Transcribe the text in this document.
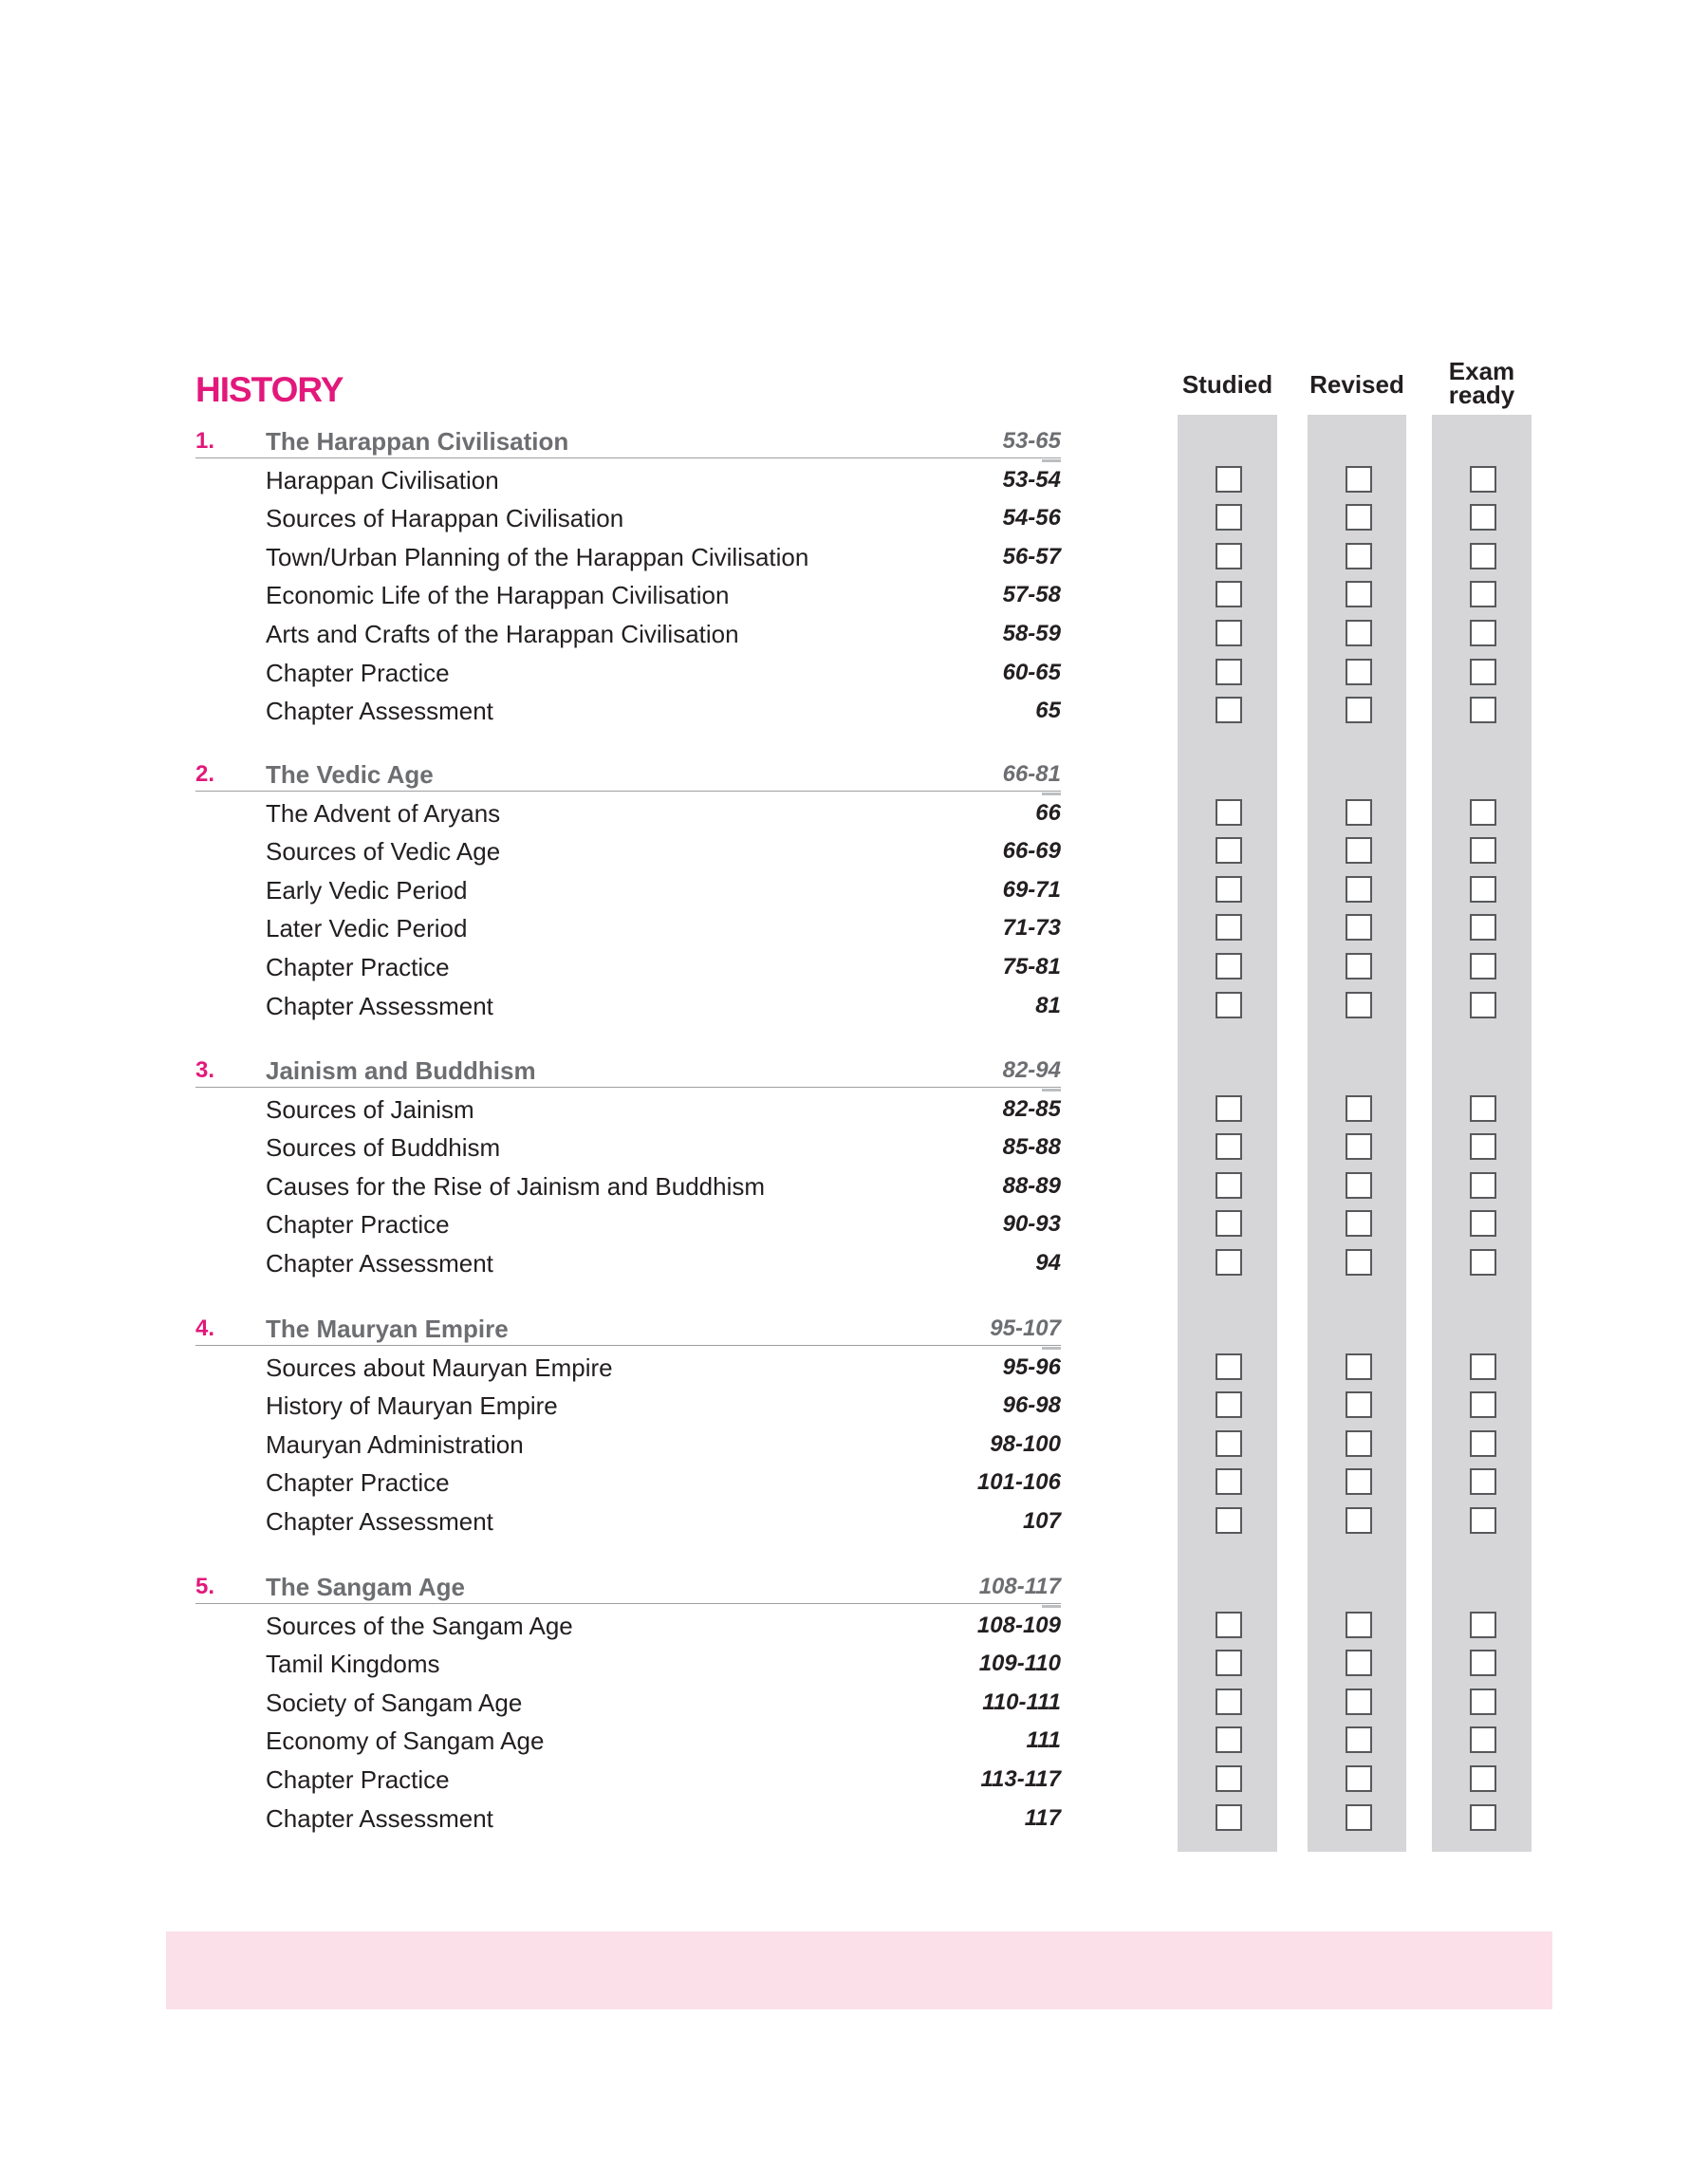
HISTORY	Studied	Revised	Exam
ready
1. The Harappan Civilisation	53-65
Harappan Civilisation	53-54
Sources of Harappan Civilisation	54-56
Town/Urban Planning of the Harappan Civilisation	56-57
Economic Life of the Harappan Civilisation	57-58
Arts and Crafts of the Harappan Civilisation	58-59
Chapter Practice	60-65
Chapter Assessment	65
2. The Vedic Age	66-81
The Advent of Aryans	66
Sources of Vedic Age	66-69
Early Vedic Period	69-71
Later Vedic Period	71-73
Chapter Practice	75-81
Chapter Assessment	81
3. Jainism and Buddhism	82-94
Sources of Jainism	82-85
Sources of Buddhism	85-88
Causes for the Rise of Jainism and Buddhism	88-89
Chapter Practice	90-93
Chapter Assessment	94
4. The Mauryan Empire	95-107
Sources about Mauryan Empire	95-96
History of Mauryan Empire	96-98
Mauryan Administration	98-100
Chapter Practice	101-106
Chapter Assessment	107
5. The Sangam Age	108-117
Sources of the Sangam Age	108-109
Tamil Kingdoms	109-110
Society of Sangam Age	110-111
Economy of Sangam Age	111
Chapter Practice	113-117
Chapter Assessment	117
